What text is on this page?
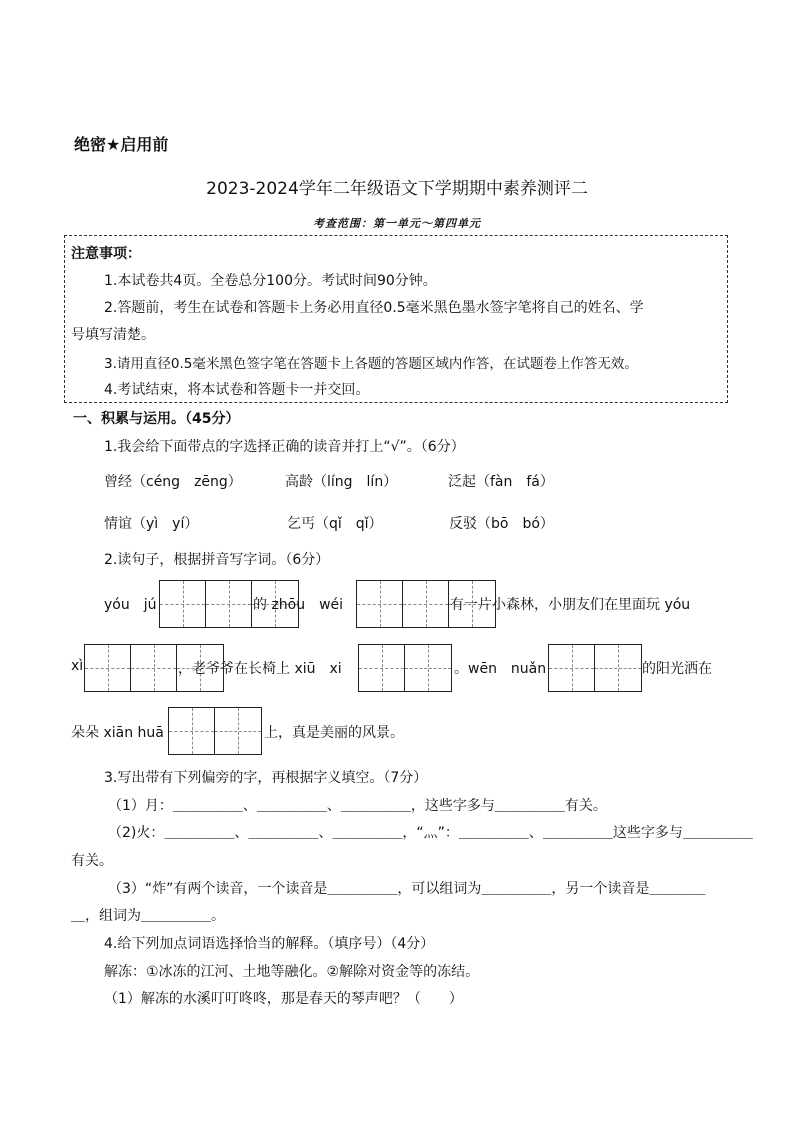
绝密★启用前
2023-2024学年二年级语文下学期期中素养测评二
考查范围：第一单元～第四单元
注意事项：
1.本试卷共4页。全卷总分100分。考试时间90分钟。
2.答题前，考生在试卷和答题卡上务必用直径0.5毫米黑色墨水签字笔将自己的姓名、学
号填写清楚。
3.请用直径0.5毫米黑色签字笔在答题卡上各题的答题区域内作答，在试题卷上作答无效。
4.考试结束，将本试卷和答题卡一并交回。
一、积累与运用。（45分）
1.我会给下面带点的字选择正确的读音并打上“√”。（6分）
曾经（céng　zēng）	高龄（líng　lín）	泛起（fàn　fá）
情谊（yì　yí）	乞丐（qǐ　qǐ）	反驳（bō　bó）
2.读句子，根据拼音写字词。（6分）
yóu　jú	的 zhōu　wéi	有一片小森林，小朋友们在里面玩 yóu
xì	，老爷爷在长椅上 xiū　xi	。wēn　nuǎn	的阳光洒在
朵朵 xiān huā	上，真是美丽的风景。
3.写出带有下列偏旁的字，再根据字义填空。（7分）
（1）月：＿＿＿＿＿、＿＿＿＿＿、＿＿＿＿＿，这些字多与＿＿＿＿＿有关。
（2)火：＿＿＿＿＿、＿＿＿＿＿、＿＿＿＿＿，“灬”：＿＿＿＿＿、＿＿＿＿＿这些字多与＿＿＿＿＿
有关。
（3）“炸”有两个读音，一个读音是＿＿＿＿＿，可以组词为＿＿＿＿＿，另一个读音是＿＿＿＿
＿，组词为＿＿＿＿＿。
4.给下列加点词语选择恰当的解释。（填序号）（4分）
解冻：①冰冻的江河、土地等融化。②解除对资金等的冻结。
（1）解冻的水溪叮叮咚咚，那是春天的琴声吧？（　　）
